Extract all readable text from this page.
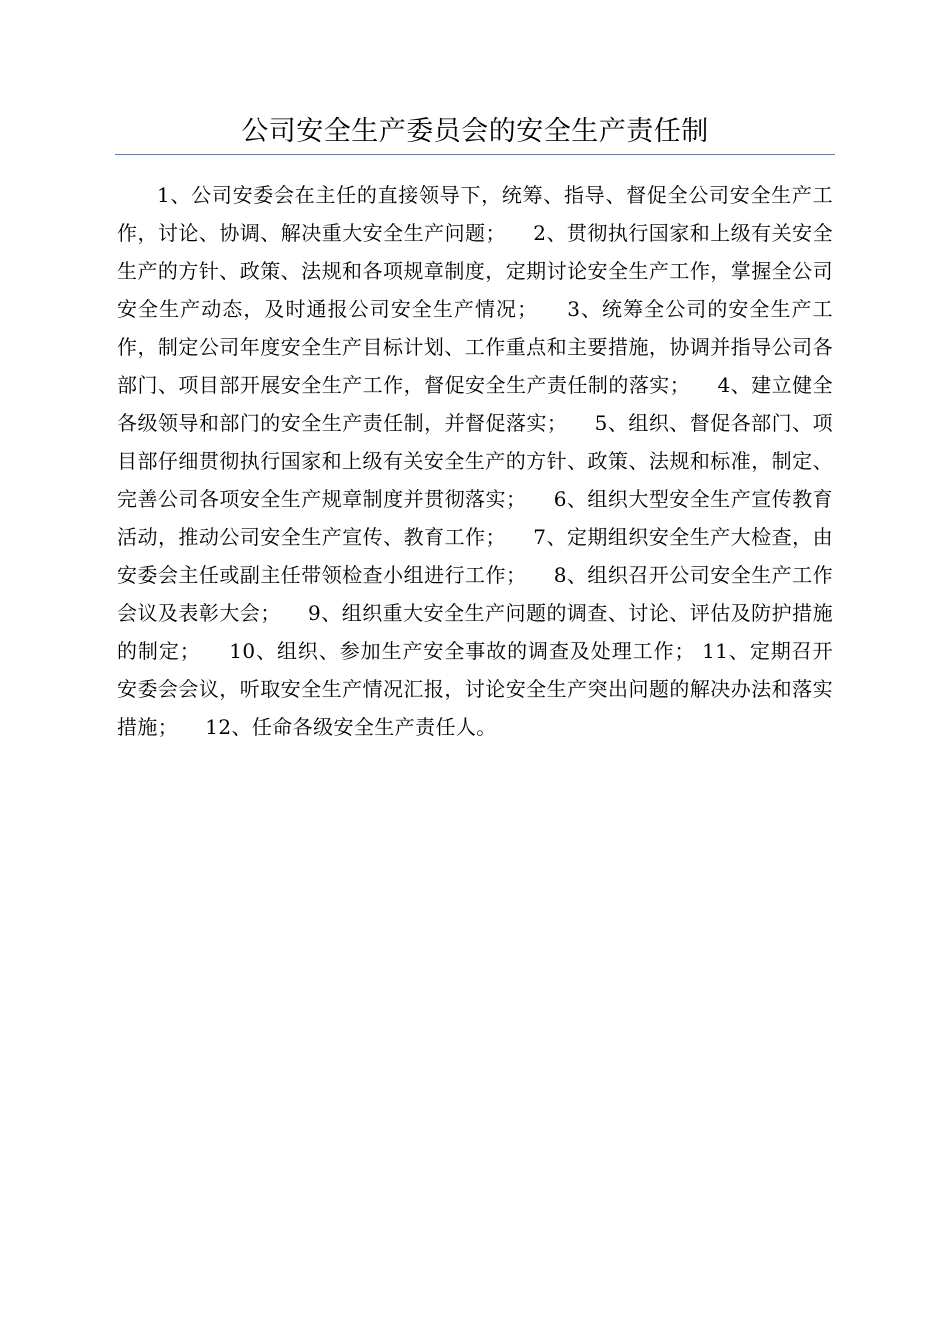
公司安全生产委员会的安全生产责任制
1、公司安委会在主任的直接领导下，统筹、指导、督促全公司安全生产工作，讨论、协调、解决重大安全生产问题； 2、贯彻执行国家和上级有关安全生产的方针、政策、法规和各项规章制度，定期讨论安全生产工作，掌握全公司安全生产动态，及时通报公司安全生产情况； 3、统筹全公司的安全生产工作，制定公司年度安全生产目标计划、工作重点和主要措施，协调并指导公司各部门、项目部开展安全生产工作，督促安全生产责任制的落实； 4、建立健全各级领导和部门的安全生产责任制，并督促落实； 5、组织、督促各部门、项目部仔细贯彻执行国家和上级有关安全生产的方针、政策、法规和标准，制定、完善公司各项安全生产规章制度并贯彻落实； 6、组织大型安全生产宣传教育活动，推动公司安全生产宣传、教育工作； 7、定期组织安全生产大检查，由安委会主任或副主任带领检查小组进行工作； 8、组织召开公司安全生产工作会议及表彰大会； 9、组织重大安全生产问题的调查、讨论、评估及防护措施的制定； 10、组织、参加生产安全事故的调查及处理工作； 11、定期召开安委会会议，听取安全生产情况汇报，讨论安全生产突出问题的解决办法和落实措施； 12、任命各级安全生产责任人。
